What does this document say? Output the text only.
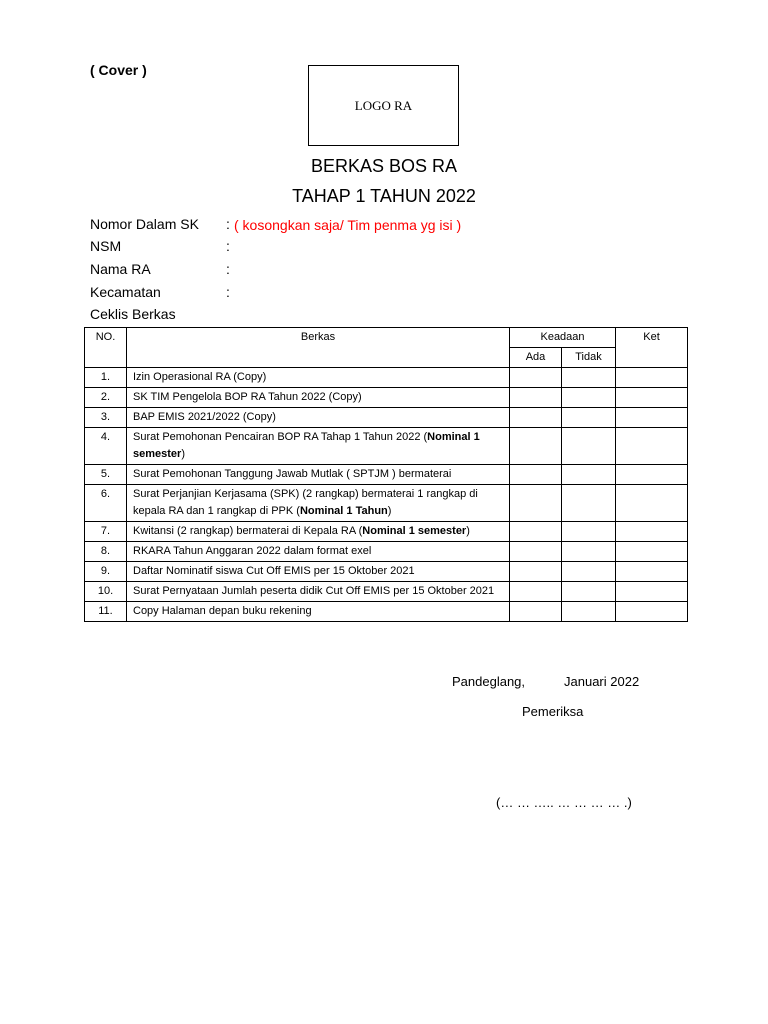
( Cover )
LOGO RA
BERKAS BOS RA
TAHAP 1 TAHUN 2022
Nomor Dalam SK : ( kosongkan saja/ Tim penma yg isi )
NSM	:
Nama RA	:
Kecamatan	:
Ceklis Berkas
NO.	Berkas	Keadaan		Ket
		Ada	Tidak	
1.	Izin Operasional RA (Copy)			
2.	SK TIM Pengelola BOP RA Tahun 2022 (Copy)			
3.	BAP EMIS 2021/2022 (Copy)			
4.	Surat Pemohonan Pencairan BOP RA Tahap 1 Tahun 2022 (Nominal 1 semester)			
5.	Surat Pemohonan Tanggung Jawab Mutlak ( SPTJM ) bermaterai			
6.	Surat Perjanjian Kerjasama (SPK) (2 rangkap) bermaterai 1 rangkap di kepala RA dan 1 rangkap di PPK (Nominal 1 Tahun)			
7.	Kwitansi (2 rangkap) bermaterai di Kepala RA (Nominal 1 semester)			
8.	RKARA Tahun Anggaran 2022 dalam format exel			
9.	Daftar Nominatif siswa Cut Off EMIS per 15 Oktober 2021			
10.	Surat Pernyataan Jumlah peserta didik Cut Off EMIS per 15 Oktober 2021			
11.	Copy Halaman depan buku rekening			
Pandeglang,	Januari 2022
Pemeriksa
(… … ….. … … … … .)
